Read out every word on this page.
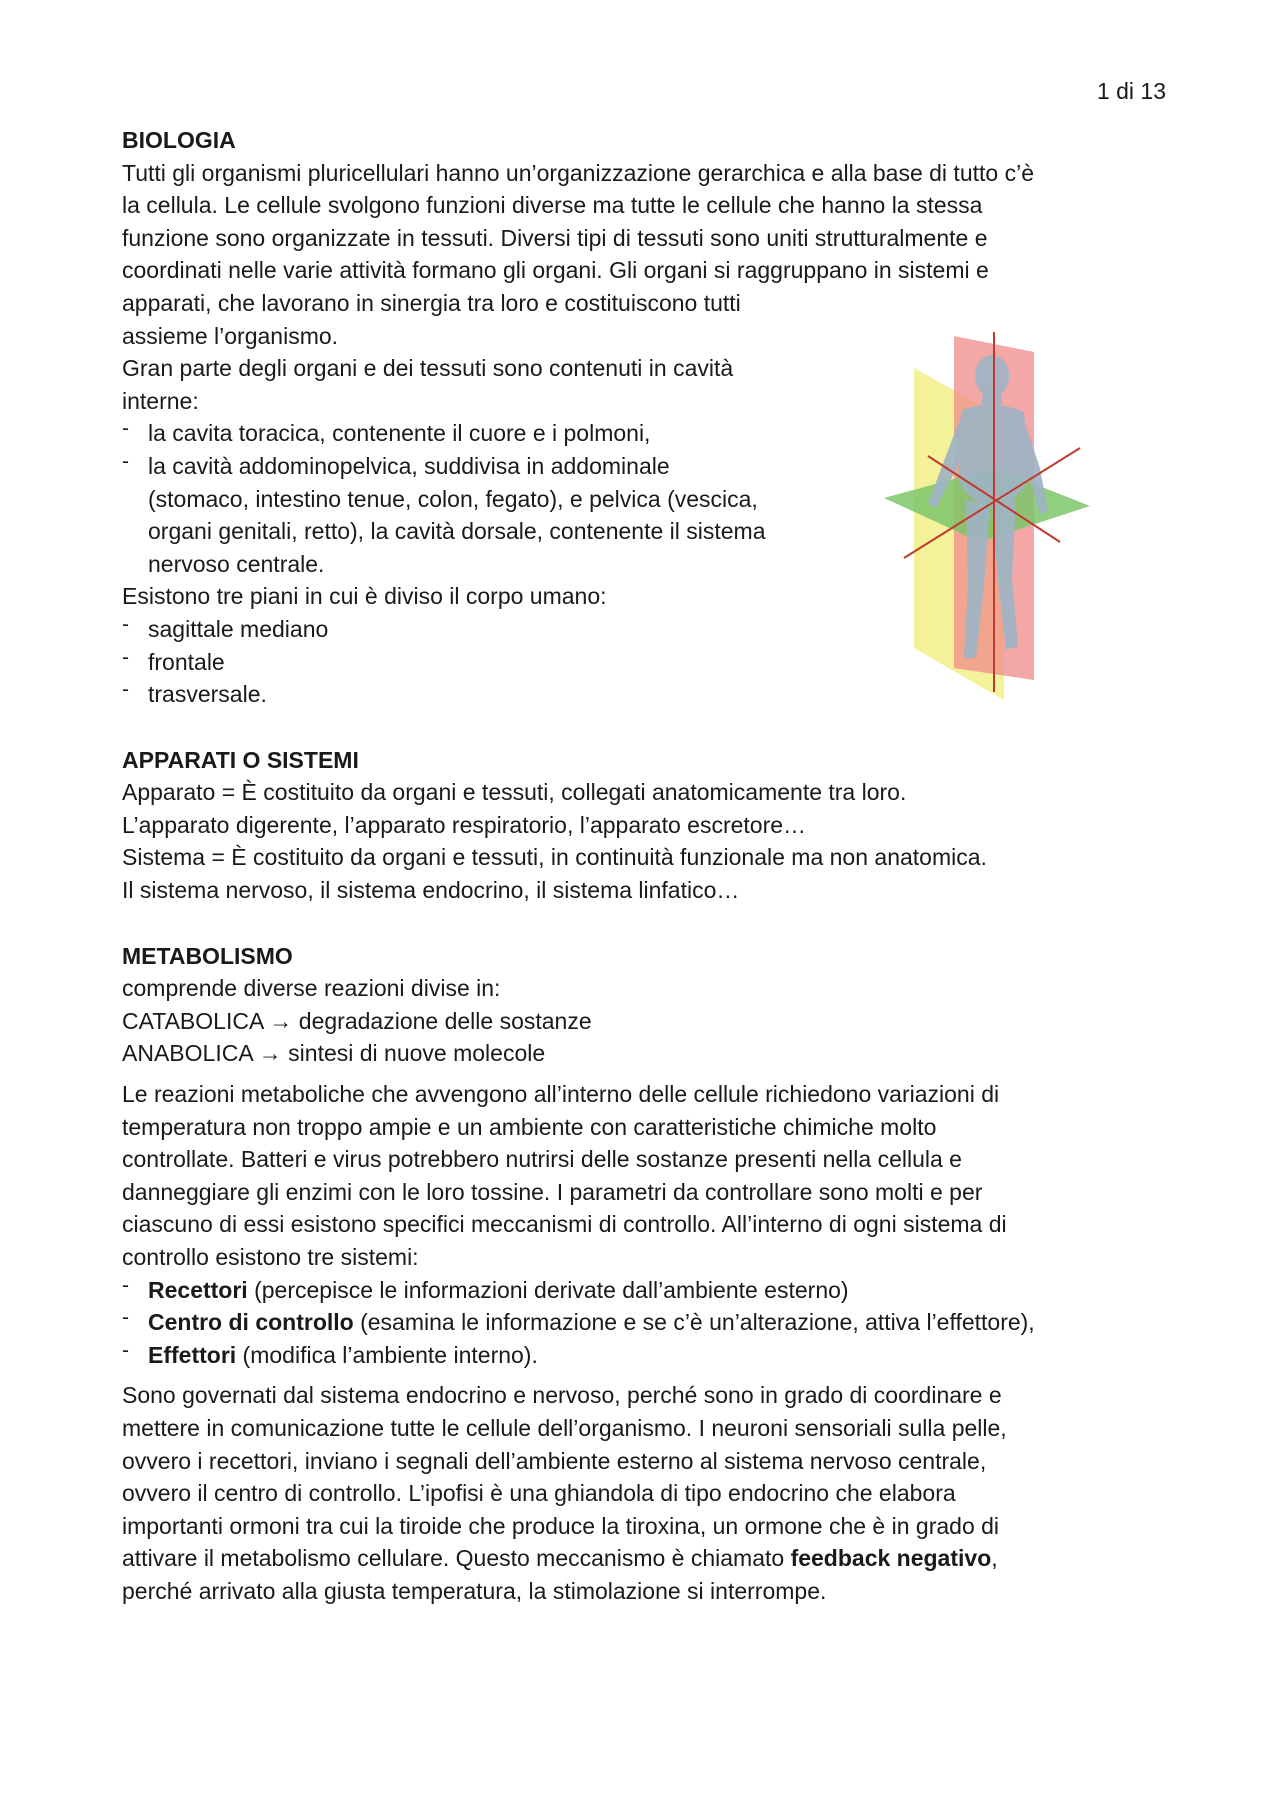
1 di 13
BIOLOGIA

Tutti gli organismi pluricellulari hanno un’organizzazione gerarchica e alla base di tutto c’è

la cellula. Le cellule svolgono funzioni diverse ma tutte le cellule che hanno la stessa

funzione sono organizzate in tessuti. Diversi tipi di tessuti sono uniti strutturalmente e

coordinati nelle varie attività formano gli organi. Gli organi si raggruppano in sistemi e

apparati, che lavorano in sinergia tra loro e costituiscono tutti

assieme l’organismo.

Gran parte degli organi e dei tessuti sono contenuti in cavità

interne:

- la cavita toracica, contenente il cuore e i polmoni,

- la cavità addominopelvica, suddivisa in addominale

(stomaco, intestino tenue, colon, fegato), e pelvica (vescica,

organi genitali, retto), la cavità dorsale, contenente il sistema

nervoso centrale.

Esistono tre piani in cui è diviso il corpo umano:

- sagittale mediano
- frontale
- trasversale.
APPARATI O SISTEMI

Apparato = È costituito da organi e tessuti, collegati anatomicamente tra loro.

L’apparato digerente, l’apparato respiratorio, l’apparato escretore…

Sistema = È costituito da organi e tessuti, in continuità funzionale ma non anatomica.

Il sistema nervoso, il sistema endocrino, il sistema linfatico…

METABOLISMO

comprende diverse reazioni divise in:

CATABOLICA → degradazione delle sostanze

ANABOLICA → sintesi di nuove molecole

Le reazioni metaboliche che avvengono all’interno delle cellule richiedono variazioni di

temperatura non troppo ampie e un ambiente con caratteristiche chimiche molto

controllate. Batteri e virus potrebbero nutrirsi delle sostanze presenti nella cellula e

danneggiare gli enzimi con le loro tossine. I parametri da controllare sono molti e per

ciascuno di essi esistono specifici meccanismi di controllo. All’interno di ogni sistema di

controllo esistono tre sistemi:

- Recettori (percepisce le informazioni derivate dall’ambiente esterno)
- Centro di controllo (esamina le informazione e se c’è un’alterazione, attiva l’effettore),
- Effettori (modifica l’ambiente interno).

Sono governati dal sistema endocrino e nervoso, perché sono in grado di coordinare e

mettere in comunicazione tutte le cellule dell’organismo. I neuroni sensoriali sulla pelle,

ovvero i recettori, inviano i segnali dell’ambiente esterno al sistema nervoso centrale,

ovvero il centro di controllo. L’ipofisi è una ghiandola di tipo endocrino che elabora

importanti ormoni tra cui la tiroide che produce la tiroxina, un ormone che è in grado di

attivare il metabolismo cellulare. Questo meccanismo è chiamato feedback negativo,

perché arrivato alla giusta temperatura, la stimolazione si interrompe.
